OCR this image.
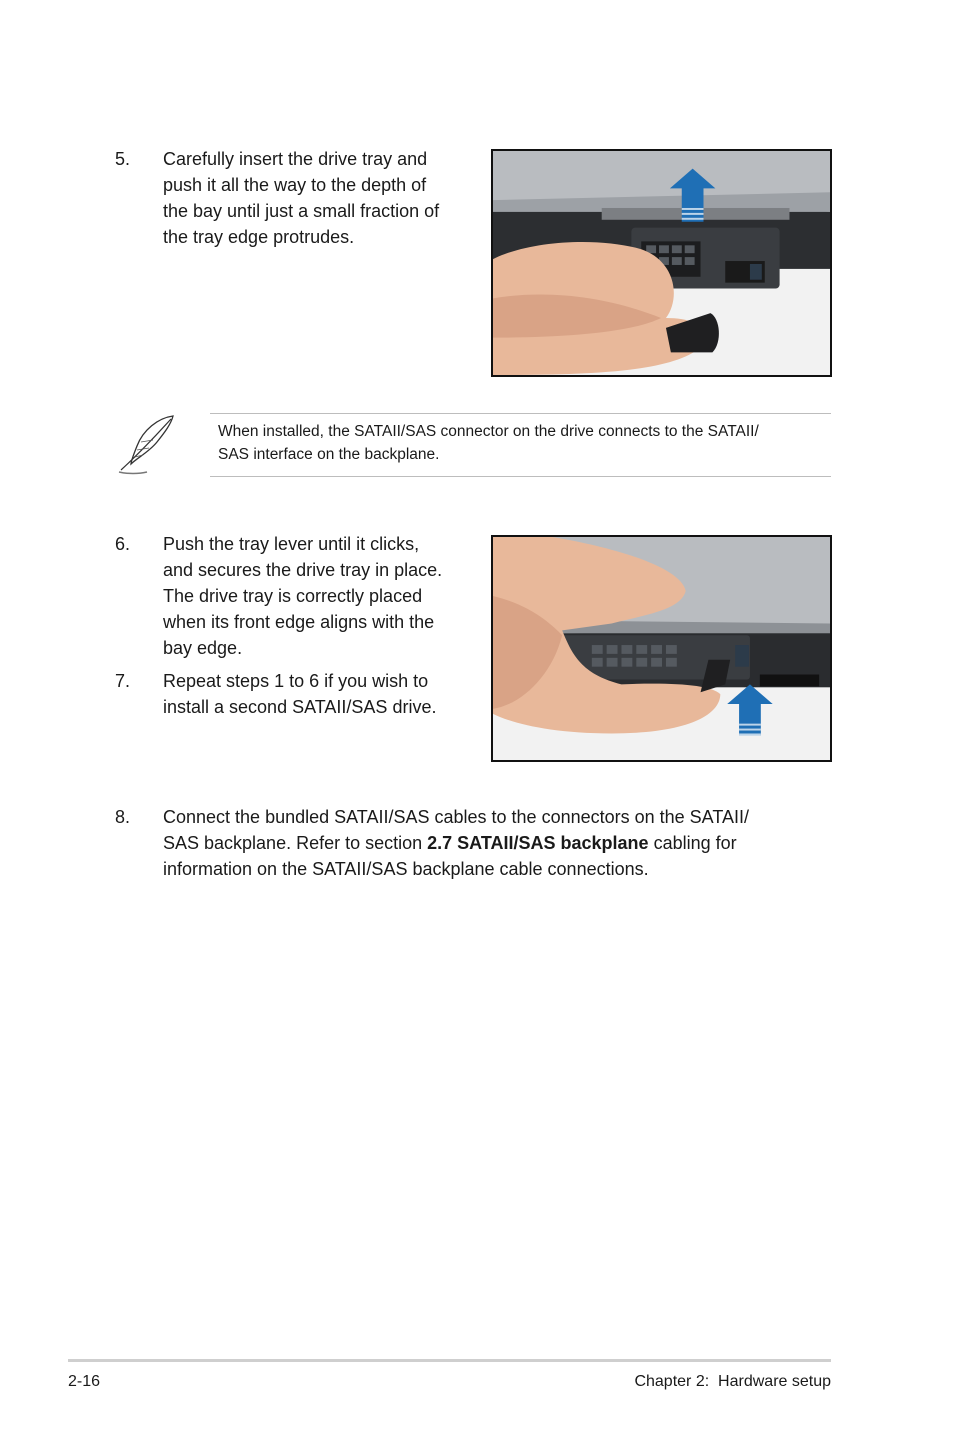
5. Carefully insert the drive tray and
push it all the way to the depth of
the bay until just a small fraction of
the tray edge protrudes.
When installed, the SATAII/SAS connector on the drive connects to the SATAII/
SAS interface on the backplane.
6. Push the tray lever until it clicks,
and secures the drive tray in place.
The drive tray is correctly placed
when its front edge aligns with the
bay edge.
7. Repeat steps 1 to 6 if you wish to
install a second SATAII/SAS drive.
8. Connect the bundled SATAII/SAS cables to the connectors on the SATAII/
SAS backplane. Refer to section 2.7 SATAII/SAS backplane cabling for
information on the SATAII/SAS backplane cable connections.
2-16	Chapter 2:  Hardware setup
